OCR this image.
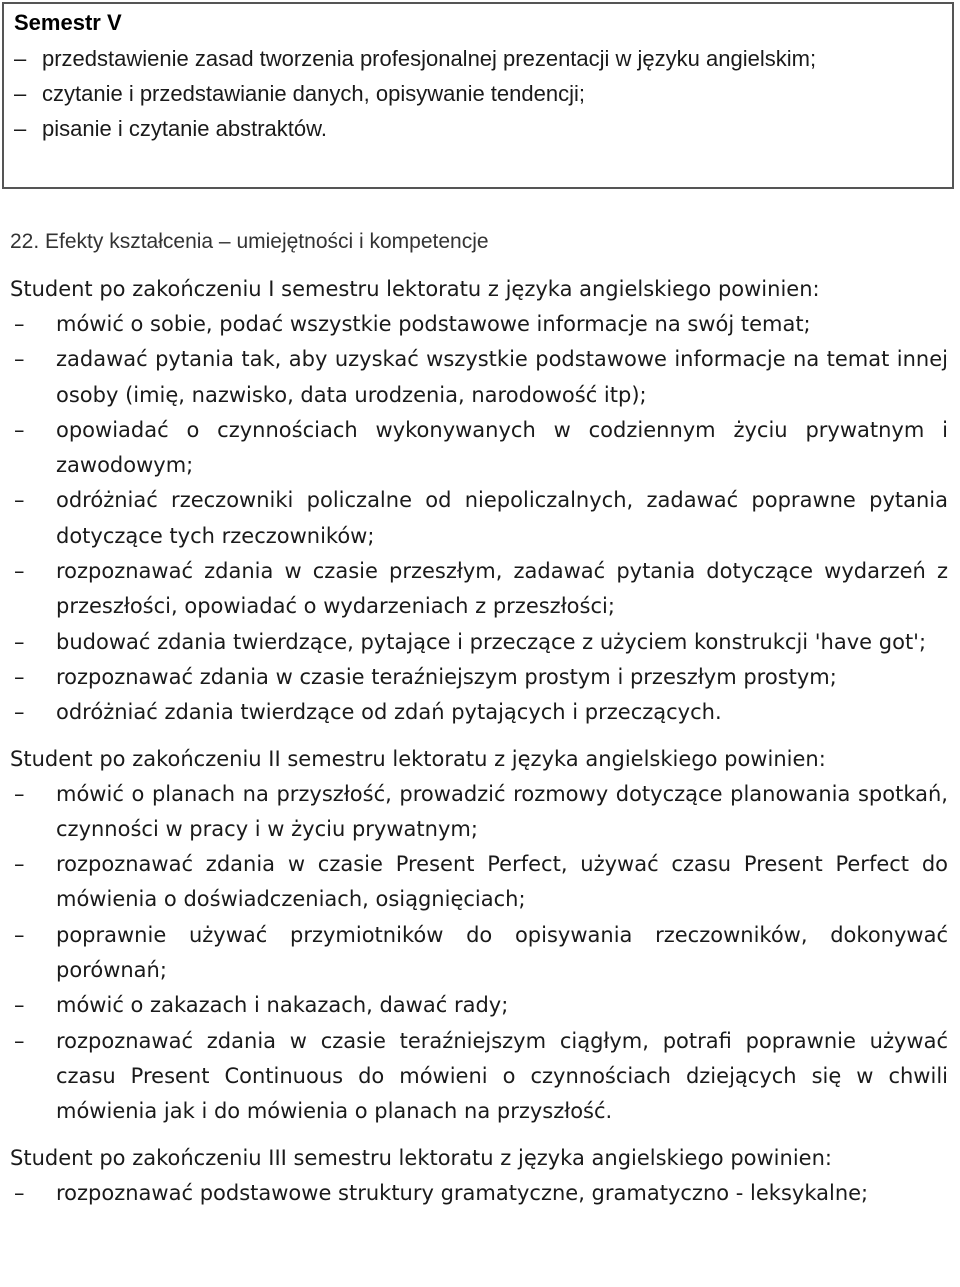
Semestr V
– przedstawienie zasad tworzenia profesjonalnej prezentacji w języku angielskim;
– czytanie i przedstawianie danych, opisywanie tendencji;
– pisanie i czytanie abstraktów.
22. Efekty kształcenia – umiejętności i kompetencje
Student po zakończeniu I semestru lektoratu z języka angielskiego powinien:
– mówić o sobie, podać wszystkie podstawowe informacje na swój temat;
– zadawać pytania tak, aby uzyskać wszystkie podstawowe informacje na temat innej osoby (imię, nazwisko, data urodzenia, narodowość itp);
– opowiadać o czynnościach wykonywanych w codziennym życiu prywatnym i zawodowym;
– odróżniać rzeczowniki policzalne od niepoliczalnych, zadawać poprawne pytania dotyczące tych rzeczowników;
– rozpoznawać zdania w czasie przeszłym, zadawać pytania dotyczące wydarzeń z przeszłości, opowiadać o wydarzeniach z przeszłości;
– budować zdania twierdzące, pytające i przeczące z użyciem konstrukcji 'have got';
– rozpoznawać zdania w czasie teraźniejszym prostym i przeszłym prostym;
– odróżniać zdania twierdzące od zdań pytających i przeczących.
Student po zakończeniu II semestru lektoratu z języka angielskiego powinien:
– mówić o planach na przyszłość, prowadzić rozmowy dotyczące planowania spotkań, czynności w pracy i w życiu prywatnym;
– rozpoznawać zdania w czasie Present Perfect, używać czasu Present Perfect do mówienia o doświadczeniach, osiągnięciach;
– poprawnie używać przymiotników do opisywania rzeczowników, dokonywać porównań;
– mówić o zakazach i nakazach, dawać rady;
– rozpoznawać zdania w czasie teraźniejszym ciągłym, potrafi poprawnie używać czasu Present Continuous do mówieni o czynnościach dziejących się w chwili mówienia jak i do mówienia o planach na przyszłość.
Student po zakończeniu III semestru lektoratu z języka angielskiego powinien:
– rozpoznawać podstawowe struktury gramatyczne, gramatyczno - leksykalne;
